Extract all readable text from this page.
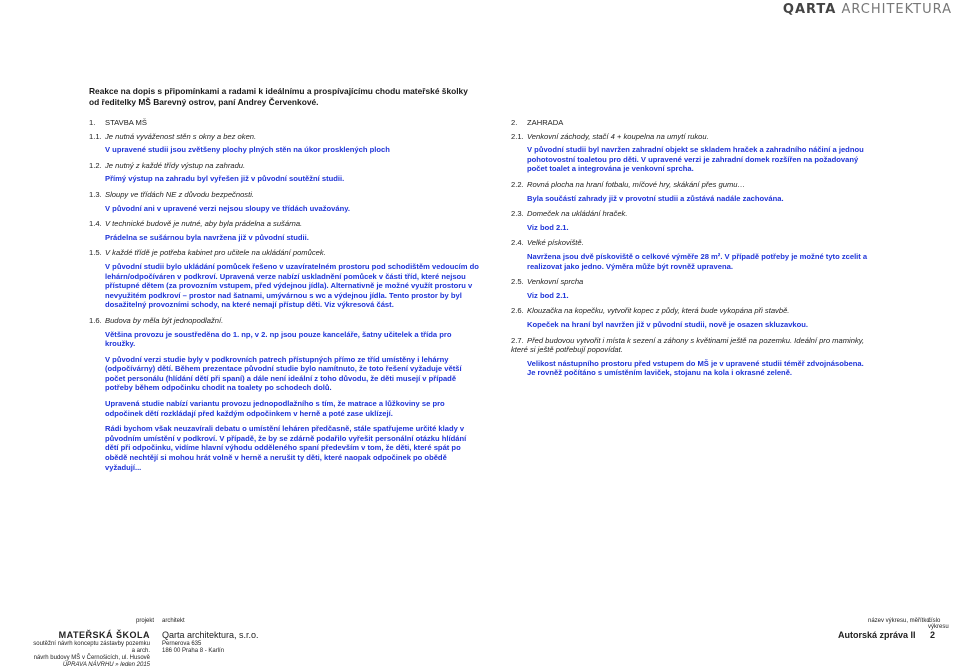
QARTA ARCHITEKTURA
Reakce na dopis s připomínkami a radami k ideálnímu a prospívajícímu chodu mateřské školky
od ředitelky MŠ Barevný ostrov, paní Andrey Červenkové.
1. STAVBA MŠ
1.1. Je nutná vyváženost stěn s okny a bez oken.
V upravené studii jsou zvětšeny plochy plných stěn na úkor prosklených ploch
1.2. Je nutný z každé třídy výstup na zahradu.
Přímý výstup na zahradu byl vyřešen již v původní soutěžní studii.
1.3. Sloupy ve třídách NE z důvodu bezpečnosti.
V původní ani v upravené verzi nejsou sloupy ve třídách uvažovány.
1.4. V technické budově je nutné, aby byla prádelna a sušárna.
Prádelna se sušárnou byla navržena již v původní studii.
1.5. V každé třídě je potřeba kabinet pro učitele na ukládání pomůcek.
V původní studii bylo ukládání pomůcek řešeno v uzavíratelném prostoru pod schodištěm vedoucím do lehárn/odpočíváren v podkroví. Upravená verze nabízí uskladnění pomůcek v části tříd, které nejsou přístupné dětem (za provozním vstupem, před výdejnou jídla). Alternativně je možné využít prostoru v nevyužitém podkroví – prostor nad šatnami, umývárnou s wc a výdejnou jídla. Tento prostor by byl dosažitelný provozními schody, na které nemají přístup děti. Viz výkresová část.
1.6. Budova by měla být jednopodlažní.
Většina provozu je soustředěna do 1. np, v 2. np jsou pouze kanceláře, šatny učitelek a třída pro kroužky.
V původní verzi studie byly v podkrovních patrech přístupných přímo ze tříd umístěny i lehárny (odpočívárny) dětí. Během prezentace původní studie bylo namítnuto, že toto řešení vyžaduje větší počet personálu (hlídání dětí při spaní) a dále není ideální z toho důvodu, že děti musejí v případě potřeby během odpočinku chodit na toalety po schodech dolů.
Upravená studie nabízí variantu provozu jednopodlažního s tím, že matrace a lůžkoviny se pro odpočinek dětí rozkládají před každým odpočinkem v herně a poté zase uklízejí.
Rádi bychom však neuzavírali debatu o umístění leháren předčasně, stále spatřujeme určité klady v původním umístění v podkroví. V případě, že by se zdárně podařilo vyřešit personální otázku hlídání dětí při odpočinku, vidíme hlavní výhodu odděleného spaní především v tom, že děti, které spát po obědě nechtějí si mohou hrát volně v herně a nerušit ty děti, které naopak odpočinek po obědě vyžadují...
2. ZAHRADA
2.1. Venkovní záchody, stačí 4 + koupelna na umytí rukou.
V původní studii byl navržen zahradní objekt se skladem hraček a zahradního náčiní a jednou pohotovostní toaletou pro děti. V upravené verzi je zahradní domek rozšířen na požadovaný počet toalet a integrována je venkovní sprcha.
2.2. Rovná plocha na hraní fotbalu, míčové hry, skákání přes gumu…
Byla součástí zahrady již v provotní studii a zůstává nadále zachována.
2.3. Domeček na ukládání hraček.
Viz bod 2.1.
2.4. Velké pískoviště.
Navržena jsou dvě pískoviště o celkové výměře 28 m². V případě potřeby je možné tyto zcelit a realizovat jako jedno. Výměra může být rovněž upravena.
2.5. Venkovní sprcha
Viz bod 2.1.
2.6. Klouzačka na kopečku, vytvořit kopec z půdy, která bude vykopána při stavbě.
Kopeček na hraní byl navržen již v původní studii, nově je osazen skluzavkou.
2.7. Před budovou vytvořit i místa k sezení a záhony s květinami ještě na pozemku. Ideální pro maminky, které si ještě potřebují popovídat.
Velikost nástupního prostoru před vstupem do MŠ je v upravené studii téměř zdvojnásobena. Je rovněž počítáno s umístěním laviček, stojanu na kola i okrasné zeleně.
projekt architekt	název výkresu, měřítko
číslo výkresu
MATEŘSKÁ ŠKOLA
soutěžní návrh konceptu zástavby pozemku a arch.
návrh budovy MŠ v Černošicích, ul. Husově
ÚPRAVA NÁVRHU » leden 2015
Qarta architektura, s.r.o.
Pernerova 635
186 00 Praha 8 - Karlín
Autorská zpráva II 2
